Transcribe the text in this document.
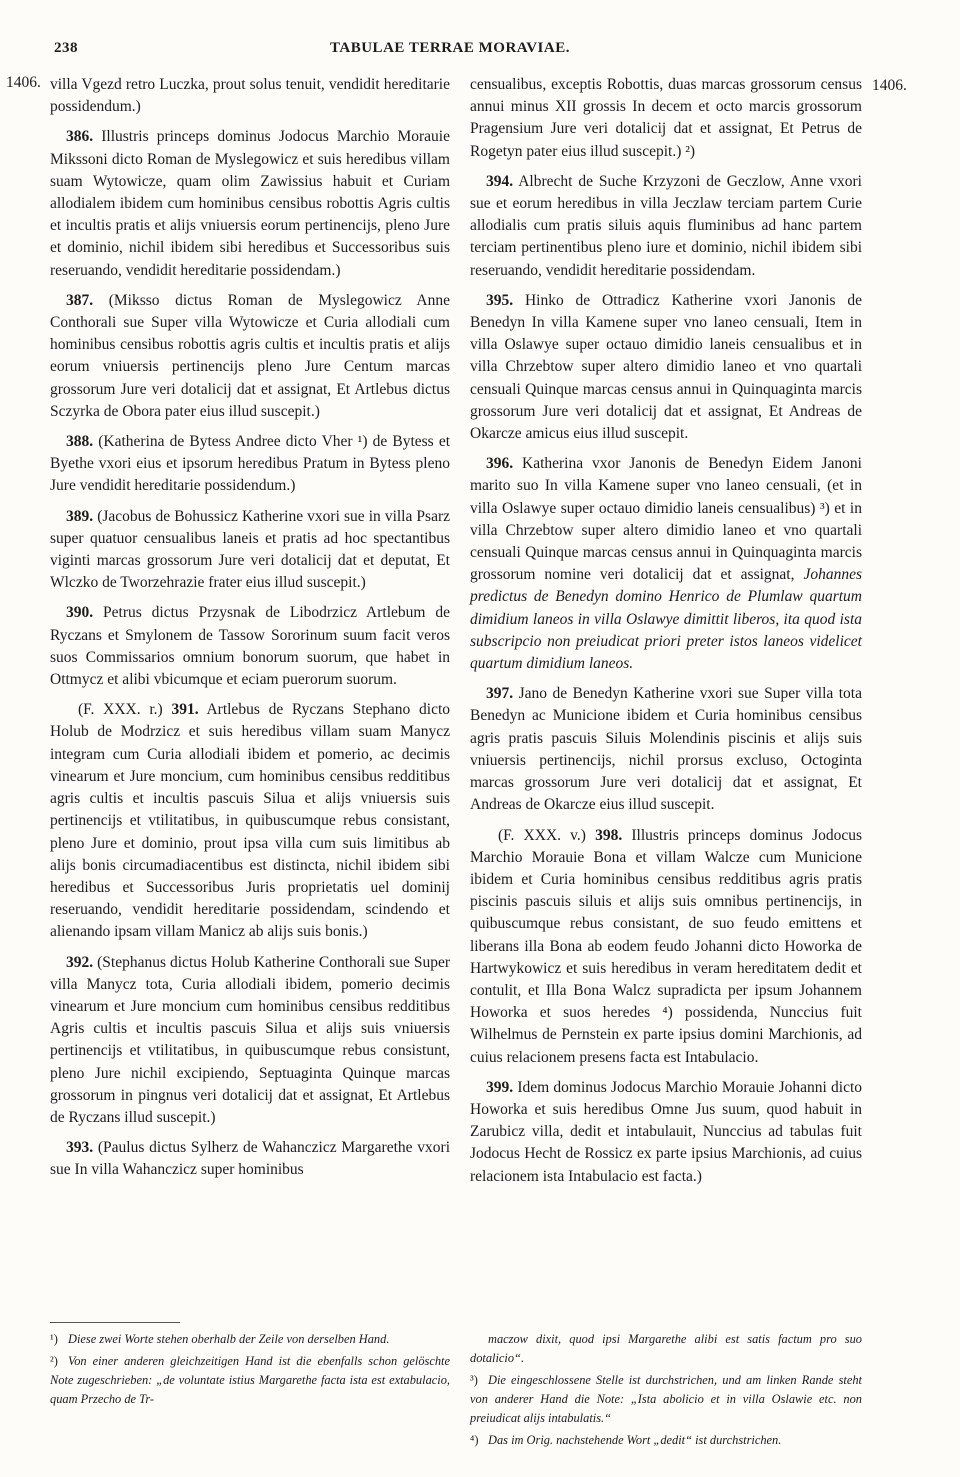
238	TABULAE TERRAE MORAVIAE.
1406.	1406.

villa Vgezd retro Luczka, prout solus tenuit, vendidit hereditarie possidendum.)

386. Illustris princeps dominus Jodocus Marchio Morauie Mikssoni dicto Roman de Myslegowicz et suis heredibus villam suam Wytowicze, quam olim Zawissius habuit et Curiam allodialem ibidem cum hominibus censibus robottis Agris cultis et incultis pratis et alijs vniuersis eorum pertinencijs, pleno Jure et dominio, nichil ibidem sibi heredibus et Successoribus suis reseruando, vendidit hereditarie possidendam.)

387. (Miksso dictus Roman de Myslegowicz Anne Conthorali sue Super villa Wytowicze et Curia allodiali cum hominibus censibus robottis agris cultis et incultis pratis et alijs eorum vniuersis pertinencijs pleno Jure Centum marcas grossorum Jure veri dotalicij dat et assignat, Et Artlebus dictus Sczyrka de Obora pater eius illud suscepit.)

388. (Katherina de Bytess Andree dicto Vher ¹) de Bytess et Byethe vxori eius et ipsorum heredibus Pratum in Bytess pleno Jure vendidit hereditarie possidendum.)

389. (Jacobus de Bohussicz Katherine vxori sue in villa Psarz super quatuor censualibus laneis et pratis ad hoc spectantibus viginti marcas grossorum Jure veri dotalicij dat et deputat, Et Wlczko de Tworzehrazie frater eius illud suscepit.)

390. Petrus dictus Przysnak de Libodrzicz Artlebum de Ryczans et Smylonem de Tassow Sororinum suum facit veros suos Commissarios omnium bonorum suorum, que habet in Ottmycz et alibi vbicumque et eciam puerorum suorum.

(F. XXX. r.) 391. Artlebus de Ryczans Stephano dicto Holub de Modrzicz et suis heredibus villam suam Manycz integram cum Curia allodiali ibidem et pomerio, ac decimis vinearum et Jure moncium, cum hominibus censibus redditibus agris cultis et incultis pascuis Silua et alijs vniuersis suis pertinencijs et vtilitatibus, in quibuscumque rebus consistant, pleno Jure et dominio, prout ipsa villa cum suis limitibus ab alijs bonis circumadiacentibus est distincta, nichil ibidem sibi heredibus et Successoribus Juris proprietatis uel dominij reseruando, vendidit hereditarie possidendam, scindendo et alienando ipsam villam Manicz ab alijs suis bonis.)

392. (Stephanus dictus Holub Katherine Conthorali sue Super villa Manycz tota, Curia allodiali ibidem, pomerio decimis vinearum et Jure moncium cum hominibus censibus redditibus Agris cultis et incultis pascuis Silua et alijs suis vniuersis pertinencijs et vtilitatibus, in quibuscumque rebus consistunt, pleno Jure nichil excipiendo, Septuaginta Quinque marcas grossorum in pingnus veri dotalicij dat et assignat, Et Artlebus de Ryczans illud suscepit.)

393. (Paulus dictus Sylherz de Wahanczicz Margarethe vxori sue In villa Wahanczicz super hominibus

censualibus, exceptis Robottis, duas marcas grossorum census annui minus XII grossis In decem et octo marcis grossorum Pragensium Jure veri dotalicij dat et assignat, Et Petrus de Rogetyn pater eius illud suscepit.) ²)

394. Albrecht de Suche Krzyzoni de Geczlow, Anne vxori sue et eorum heredibus in villa Jeczlaw terciam partem Curie allodialis cum pratis siluis aquis fluminibus ad hanc partem terciam pertinentibus pleno iure et dominio, nichil ibidem sibi reseruando, vendidit hereditarie possidendam.

395. Hinko de Ottradicz Katherine vxori Janonis de Benedyn In villa Kamene super vno laneo censuali, Item in villa Oslawye super octauo dimidio laneis censualibus et in villa Chrzebtow super altero dimidio laneo et vno quartali censuali Quinque marcas census annui in Quinquaginta marcis grossorum Jure veri dotalicij dat et assignat, Et Andreas de Okarcze amicus eius illud suscepit.

396. Katherina vxor Janonis de Benedyn Eidem Janoni marito suo In villa Kamene super vno laneo censuali, (et in villa Oslawye super octauo dimidio laneis censualibus) ³) et in villa Chrzebtow super altero dimidio laneo et vno quartali censuali Quinque marcas census annui in Quinquaginta marcis grossorum nomine veri dotalicij dat et assignat, Johannes predictus de Benedyn domino Henrico de Plumlaw quartum dimidium laneos in villa Oslawye dimittit liberos, ita quod ista subscripcio non preiudicat priori preter istos laneos videlicet quartum dimidium laneos.

397. Jano de Benedyn Katherine vxori sue Super villa tota Benedyn ac Municione ibidem et Curia hominibus censibus agris pratis pascuis Siluis Molendinis piscinis et alijs suis vniuersis pertinencijs, nichil prorsus excluso, Octoginta marcas grossorum Jure veri dotalicij dat et assignat, Et Andreas de Okarcze eius illud suscepit.

(F. XXX. v.) 398. Illustris princeps dominus Jodocus Marchio Morauie Bona et villam Walcze cum Municione ibidem et Curia hominibus censibus redditibus agris pratis piscinis pascuis siluis et alijs suis omnibus pertinencijs, in quibuscumque rebus consistant, de suo feudo emittens et liberans illa Bona ab eodem feudo Johanni dicto Howorka de Hartwykowicz et suis heredibus in veram hereditatem dedit et contulit, et Illa Bona Walcz supradicta per ipsum Johannem Howorka et suos heredes ⁴) possidenda, Nunccius fuit Wilhelmus de Pernstein ex parte ipsius domini Marchionis, ad cuius relacionem presens facta est Intabulacio.

399. Idem dominus Jodocus Marchio Morauie Johanni dicto Howorka et suis heredibus Omne Jus suum, quod habuit in Zarubicz villa, dedit et intabulauit, Nunccius ad tabulas fuit Jodocus Hecht de Rossicz ex parte ipsius Marchionis, ad cuius relacionem ista Intabulacio est facta.)

¹) Diese zwei Worte stehen oberhalb der Zeile von derselben Hand.

²) Von einer anderen gleichzeitigen Hand ist die ebenfalls schon gelöschte Note zugeschrieben: „de voluntate istius Margarethe facta ista est extabulacio, quam Przecho de Tr-

maczow dixit, quod ipsi Margarethe alibi est satis factum pro suo dotalicio“.

³) Die eingeschlossene Stelle ist durchstrichen, und am linken Rande steht von anderer Hand die Note: „Ista abolicio et in villa Oslawie etc. non preiudicat alijs intabulatis.“

⁴) Das im Orig. nachstehende Wort „dedit“ ist durchstrichen.
